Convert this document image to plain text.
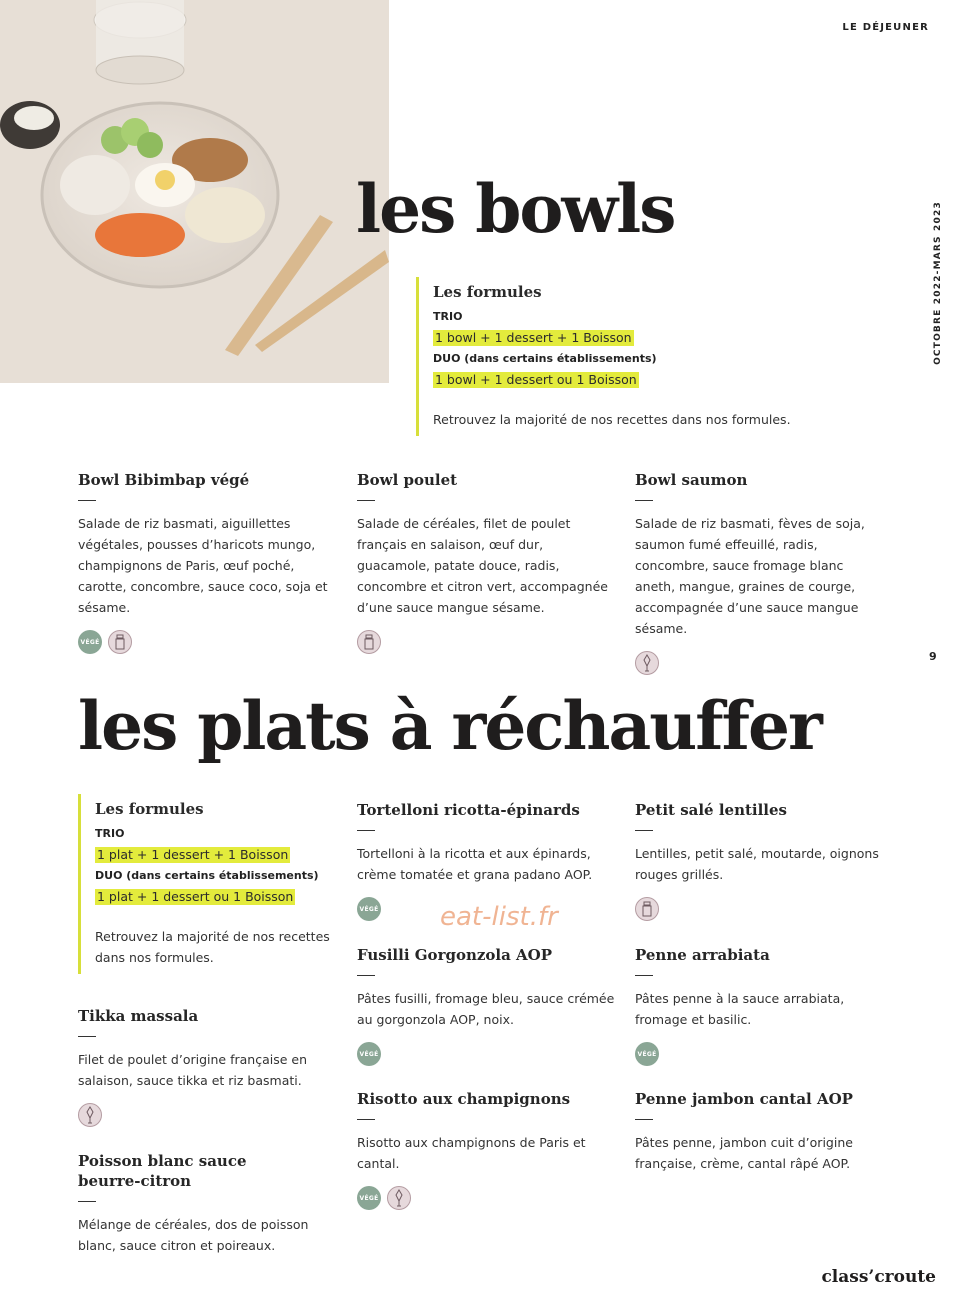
LE DÉJEUNER
OCTOBRE 2022-MARS 2023
9
les bowls
Les formules
TRIO
1 bowl + 1 dessert + 1 Boisson
DUO (dans certains établissements)
1 bowl + 1 dessert ou 1 Boisson
Retrouvez la majorité de nos recettes dans nos formules.
Bowl Bibimbap végé

Salade de riz basmati, aiguillettes végétales, pousses d’haricots mungo, champignons de Paris, œuf poché, carotte, concombre, sauce coco, soja et sésame.

VÉGÉ
Bowl poulet

Salade de céréales, filet de poulet français en salaison, œuf dur, guacamole, patate douce, radis, concombre et citron vert, accompagnée d’une sauce mangue sésame.

Bowl saumon

Salade de riz basmati, fèves de soja, saumon fumé effeuillé, radis, concombre, sauce fromage blanc aneth, mangue, graines de courge, accompagnée d’une sauce mangue sésame.

les plats à réchauffer
Les formules
TRIO
1 plat + 1 dessert + 1 Boisson
DUO (dans certains établissements)
1 plat + 1 dessert ou 1 Boisson
Retrouvez la majorité de nos recettes dans nos formules.
Tikka massala

Filet de poulet d’origine française en salaison, sauce tikka et riz basmati.

Poisson blanc sauce beurre-citron

Mélange de céréales, dos de poisson blanc, sauce citron et poireaux.

Tortelloni ricotta-épinards

Tortelloni à la ricotta et aux épinards, crème tomatée et grana padano AOP.

VÉGÉ
Fusilli Gorgonzola AOP

Pâtes fusilli, fromage bleu, sauce crémée au gorgonzola AOP, noix.

VÉGÉ
Risotto aux champignons

Risotto aux champignons de Paris et cantal.

VÉGÉ
Petit salé lentilles

Lentilles, petit salé, moutarde, oignons rouges grillés.

Penne arrabiata

Pâtes penne à la sauce arrabiata, fromage et basilic.

VÉGÉ
Penne jambon cantal AOP

Pâtes penne, jambon cuit d’origine française, crème, cantal râpé AOP.

eat-list.fr
class’croute
